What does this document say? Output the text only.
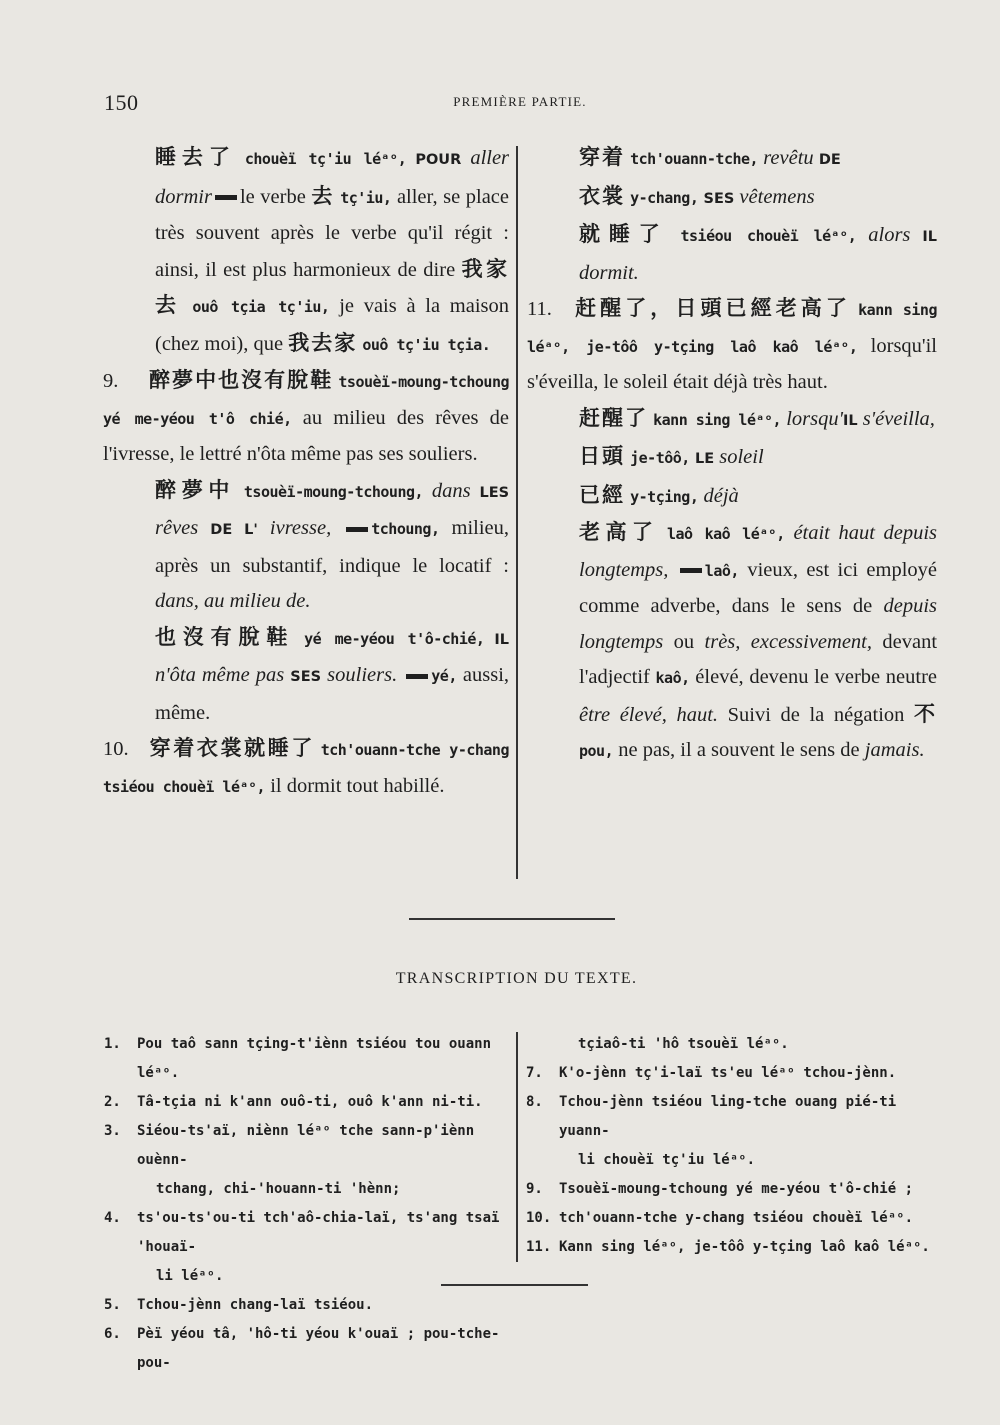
150	PREMIÈRE PARTIE.

睡去了 chouèï tç'iu léᵃᵒ, POUR aller dormir le verbe 去 tç'iu, aller, se place très souvent après le verbe qu'il régit : ainsi, il est plus harmonieux de dire 我家去 ouô tçia tç'iu, je vais à la maison (chez moi), que 我去家 ouô tç'iu tçia.

9. 醉夢中也沒有脫鞋 tsouèï-moung-tchoung yé me-yéou t'ô chié, au milieu des rêves de l'ivresse, le lettré n'ôta même pas ses souliers.

醉夢中 tsouèï-moung-tchoung, dans LES rêves DE L' ivresse,	tchoung, milieu, après un substantif, indique le locatif : dans, au milieu de.

也沒有脫鞋 yé me-yéou t'ô-chié, IL n'ôta même pas SES souliers. yé, aussi, même.

10. 穿着衣裳就睡了 tch'ouann-tche y-chang tsiéou chouèï léᵃᵒ, il dormit tout habillé.

穿着 tch'ouann-tche, revêtu DE

衣裳 y-chang, SES vêtemens

就睡了 tsiéou chouèï léᵃᵒ, alors IL dormit.

11. 赶醒了，日頭已經老高了 kann sing léᵃᵒ, je-tôô y-tçing laô kaô léᵃᵒ, lorsqu'il s'éveilla, le soleil était déjà très haut.

赶醒了 kann sing léᵃᵒ, lorsqu'IL s'éveilla,

日頭 je-tôô, LE soleil

已經 y-tçing, déjà

老高了 laô kaô léᵃᵒ, était haut depuis longtemps, laô, vieux, est ici employé comme adverbe, dans le sens de depuis longtemps ou très, excessivement, devant l'adjectif kaô, élevé, devenu le verbe neutre être élevé, haut. Suivi de la négation 不 pou, ne pas, il a souvent le sens de jamais.

TRANSCRIPTION DU TEXTE.
1.	Pou taô sann tçing-t'iènn tsiéou tou ouann léᵃᵒ.
2.	Tâ-tçia ni k'ann ouô-ti, ouô k'ann ni-ti.
3.	Siéou-ts'aï, niènn léᵃᵒ tche sann-p'iènn ouènn-
tchang, chi-'houann-ti 'hènn;
4.	ts'ou-ts'ou-ti tch'aô-chia-laï, ts'ang tsaï 'houaï-
li léᵃᵒ.
5.	Tchou-jènn chang-laï tsiéou.
6.	Pèï yéou tâ, 'hô-ti yéou k'ouaï ; pou-tche-pou-
tçiaô-ti 'hô tsouèï léᵃᵒ.
7.	K'o-jènn tç'i-laï ts'eu léᵃᵒ tchou-jènn.
8.	Tchou-jènn tsiéou ling-tche ouang pié-ti yuann-
li chouèï tç'iu léᵃᵒ.
9.	Tsouèï-moung-tchoung yé me-yéou t'ô-chié ;
10. tch'ouann-tche y-chang tsiéou chouèï léᵃᵒ.
11. Kann sing léᵃᵒ, je-tôô y-tçing laô kaô léᵃᵒ.
